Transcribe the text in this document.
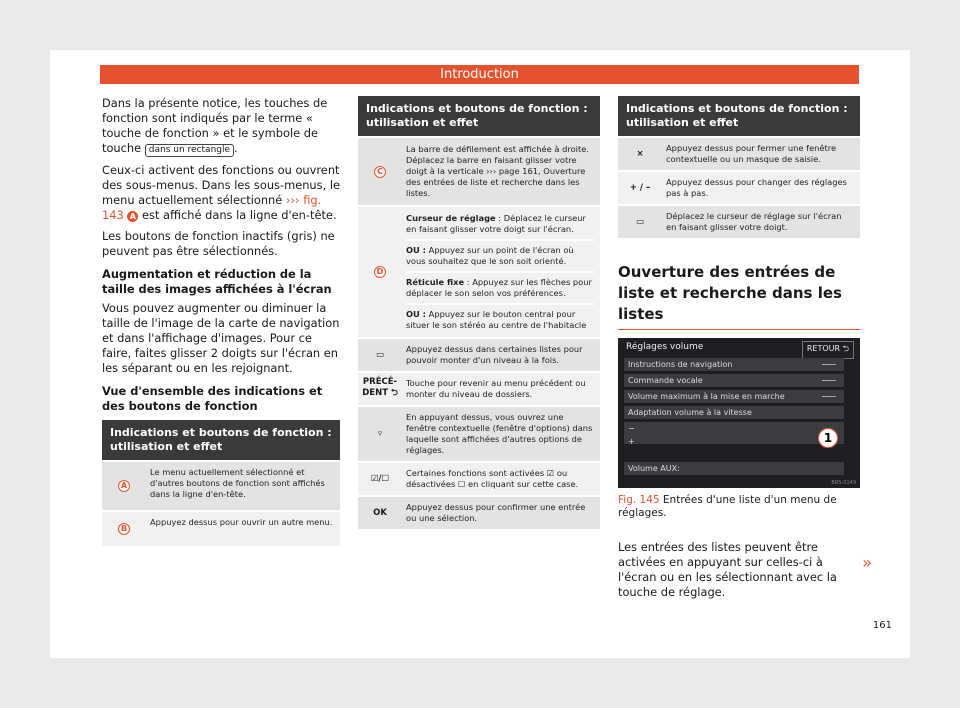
Introduction

Dans la présente notice, les touches de fonction sont indiqués par le terme « touche de fonction » et le symbole de touche dans un rectangle .

Ceux-ci activent des fonctions ou ouvrent des sous-menus. Dans les sous-menus, le menu actuellement sélectionné ››› fig. 143 A est affiché dans la ligne d'en-tête.

Les boutons de fonction inactifs (gris) ne peuvent pas être sélectionnés.

Augmentation et réduction de la taille des images affichées à l'écran

Vous pouvez augmenter ou diminuer la taille de l'image de la carte de navigation et dans l'affichage d'images. Pour ce faire, faites glisser 2 doigts sur l'écran en les séparant ou en les rejoignant.

Vue d'ensemble des indications et des boutons de fonction
Indications et boutons de fonction : utilisation et effet
A
Le menu actuellement sélectionné et d'autres boutons de fonction sont affichés dans la ligne d'en-tête.
B
Appuyez dessus pour ouvrir un autre menu.
Indications et boutons de fonction : utilisation et effet
C
La barre de défilement est affichée à droite. Déplacez la barre en faisant glisser votre doigt à la verticale ››› page 161, Ouverture des entrées de liste et recherche dans les listes.
D
Curseur de réglage : Déplacez le curseur en faisant glisser votre doigt sur l'écran.
OU : Appuyez sur un point de l'écran où vous souhaitez que le son soit orienté.
Réticule fixe : Appuyez sur les flèches pour déplacer le son selon vos préférences.
OU : Appuyez sur le bouton central pour situer le son stéréo au centre de l'habitacle
▭
Appuyez dessus dans certaines listes pour pouvoir monter d'un niveau à la fois.
PRÉCÉ-DENT ⮌
Touche pour revenir au menu précédent ou monter du niveau de dossiers.
▿
En appuyant dessus, vous ouvrez une fenêtre contextuelle (fenêtre d'options) dans laquelle sont affichées d'autres options de réglages.
☑/☐
Certaines fonctions sont activées ☑ ou désactivées ☐ en cliquant sur cette case.
OK
Appuyez dessus pour confirmer une entrée ou une sélection.
Indications et boutons de fonction : utilisation et effet
×
Appuyez dessus pour fermer une fenêtre contextuelle ou un masque de saisie.
+ / –
Appuyez dessus pour changer des réglages pas à pas.
▭
Déplacez le curseur de réglage sur l'écran en faisant glisser votre doigt.
Ouverture des entrées de liste et recherche dans les listes
Réglages volume	RETOUR ⮌
Instructions de navigation
Commande vocale
Volume maximum à la mise en marche
Adaptation volume à la vitesse
− +
Volume AUX:
1
BRS-0149

Fig. 145 Entrées d'une liste d'un menu de réglages.

Les entrées des listes peuvent être activées en appuyant sur celles-ci à l'écran ou en les sélectionnant avec la touche de réglage.

»
161
